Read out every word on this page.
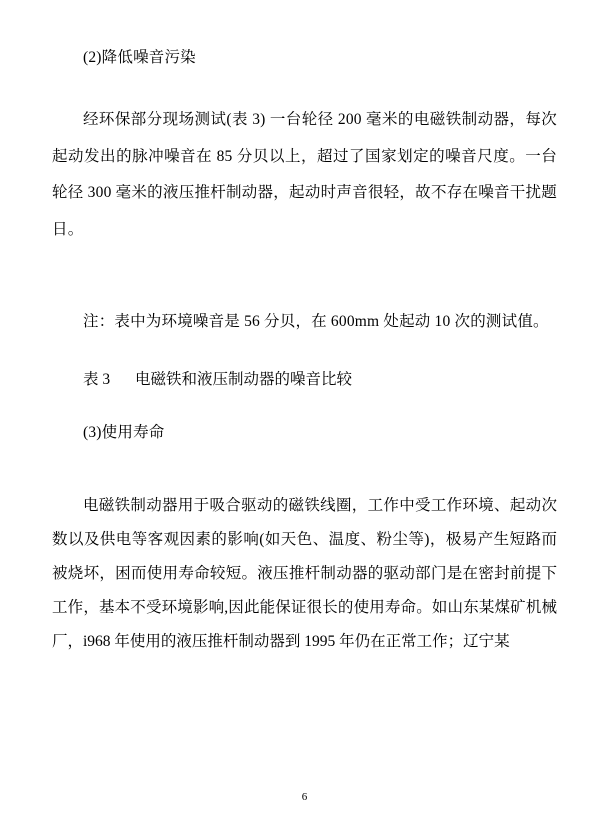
(2)降低噪音污染

经环保部分现场测试(表 3) 一台轮径 200 毫米的电磁铁制动器，每次起动发出的脉冲噪音在 85 分贝以上，超过了国家划定的噪音尺度。一台轮径 300 毫米的液压推杆制动器，起动时声音很轻，故不存在噪音干扰题日。

注：表中为环境噪音是 56 分贝，在 600mm 处起动 10 次的测试值。

表 3 电磁铁和液压制动器的噪音比较

(3)使用寿命

电磁铁制动器用于吸合驱动的磁铁线圈，工作中受工作环境、起动次数以及供电等客观因素的影响(如天色、温度、粉尘等)，极易产生短路而被烧坏，困而使用寿命较短。液压推杆制动器的驱动部门是在密封前提下工作，基本不受环境影响,因此能保证很长的使用寿命。如山东某煤矿机械厂，i968 年使用的液压推杆制动器到 1995 年仍在正常工作；辽宁某

6
